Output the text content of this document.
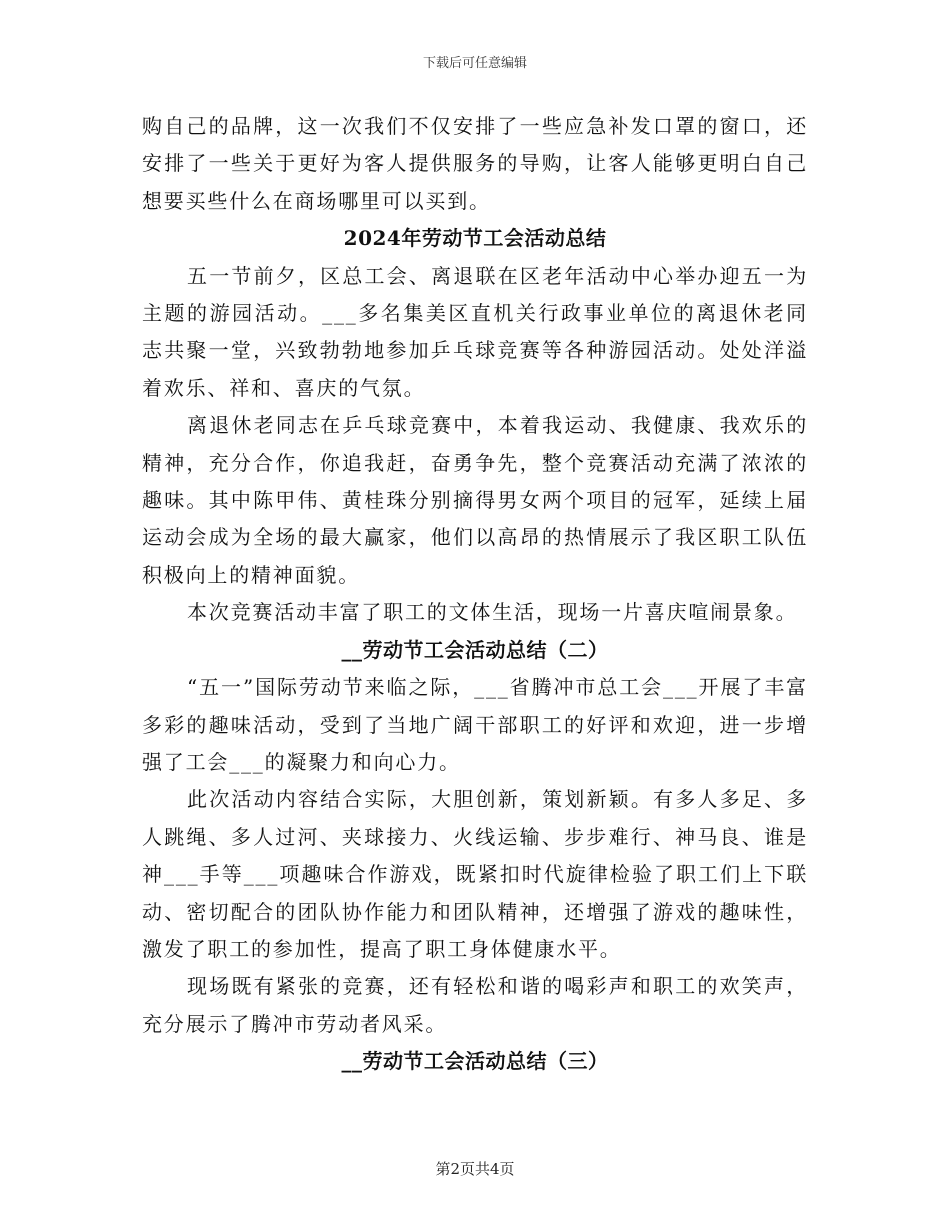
下载后可任意编辑

购自己的品牌，这一次我们不仅安排了一些应急补发口罩的窗口，还安排了一些关于更好为客人提供服务的导购，让客人能够更明白自己想要买些什么在商场哪里可以买到。

2024年劳动节工会活动总结

五一节前夕，区总工会、离退联在区老年活动中心举办迎五一为主题的游园活动。___多名集美区直机关行政事业单位的离退休老同志共聚一堂，兴致勃勃地参加乒乓球竞赛等各种游园活动。处处洋溢着欢乐、祥和、喜庆的气氛。

离退休老同志在乒乓球竞赛中，本着我运动、我健康、我欢乐的精神，充分合作，你追我赶，奋勇争先，整个竞赛活动充满了浓浓的趣味。其中陈甲伟、黄桂珠分别摘得男女两个项目的冠军，延续上届运动会成为全场的最大赢家，他们以高昂的热情展示了我区职工队伍积极向上的精神面貌。

本次竞赛活动丰富了职工的文体生活，现场一片喜庆喧闹景象。

__劳动节工会活动总结（二）

“五一”国际劳动节来临之际，___省腾冲市总工会___开展了丰富多彩的趣味活动，受到了当地广阔干部职工的好评和欢迎，进一步增强了工会___的凝聚力和向心力。

此次活动内容结合实际，大胆创新，策划新颖。有多人多足、多人跳绳、多人过河、夹球接力、火线运输、步步难行、神马良、谁是神___手等___项趣味合作游戏，既紧扣时代旋律检验了职工们上下联动、密切配合的团队协作能力和团队精神，还增强了游戏的趣味性，激发了职工的参加性，提高了职工身体健康水平。

现场既有紧张的竞赛，还有轻松和谐的喝彩声和职工的欢笑声，充分展示了腾冲市劳动者风采。

__劳动节工会活动总结（三）

第2页共4页
